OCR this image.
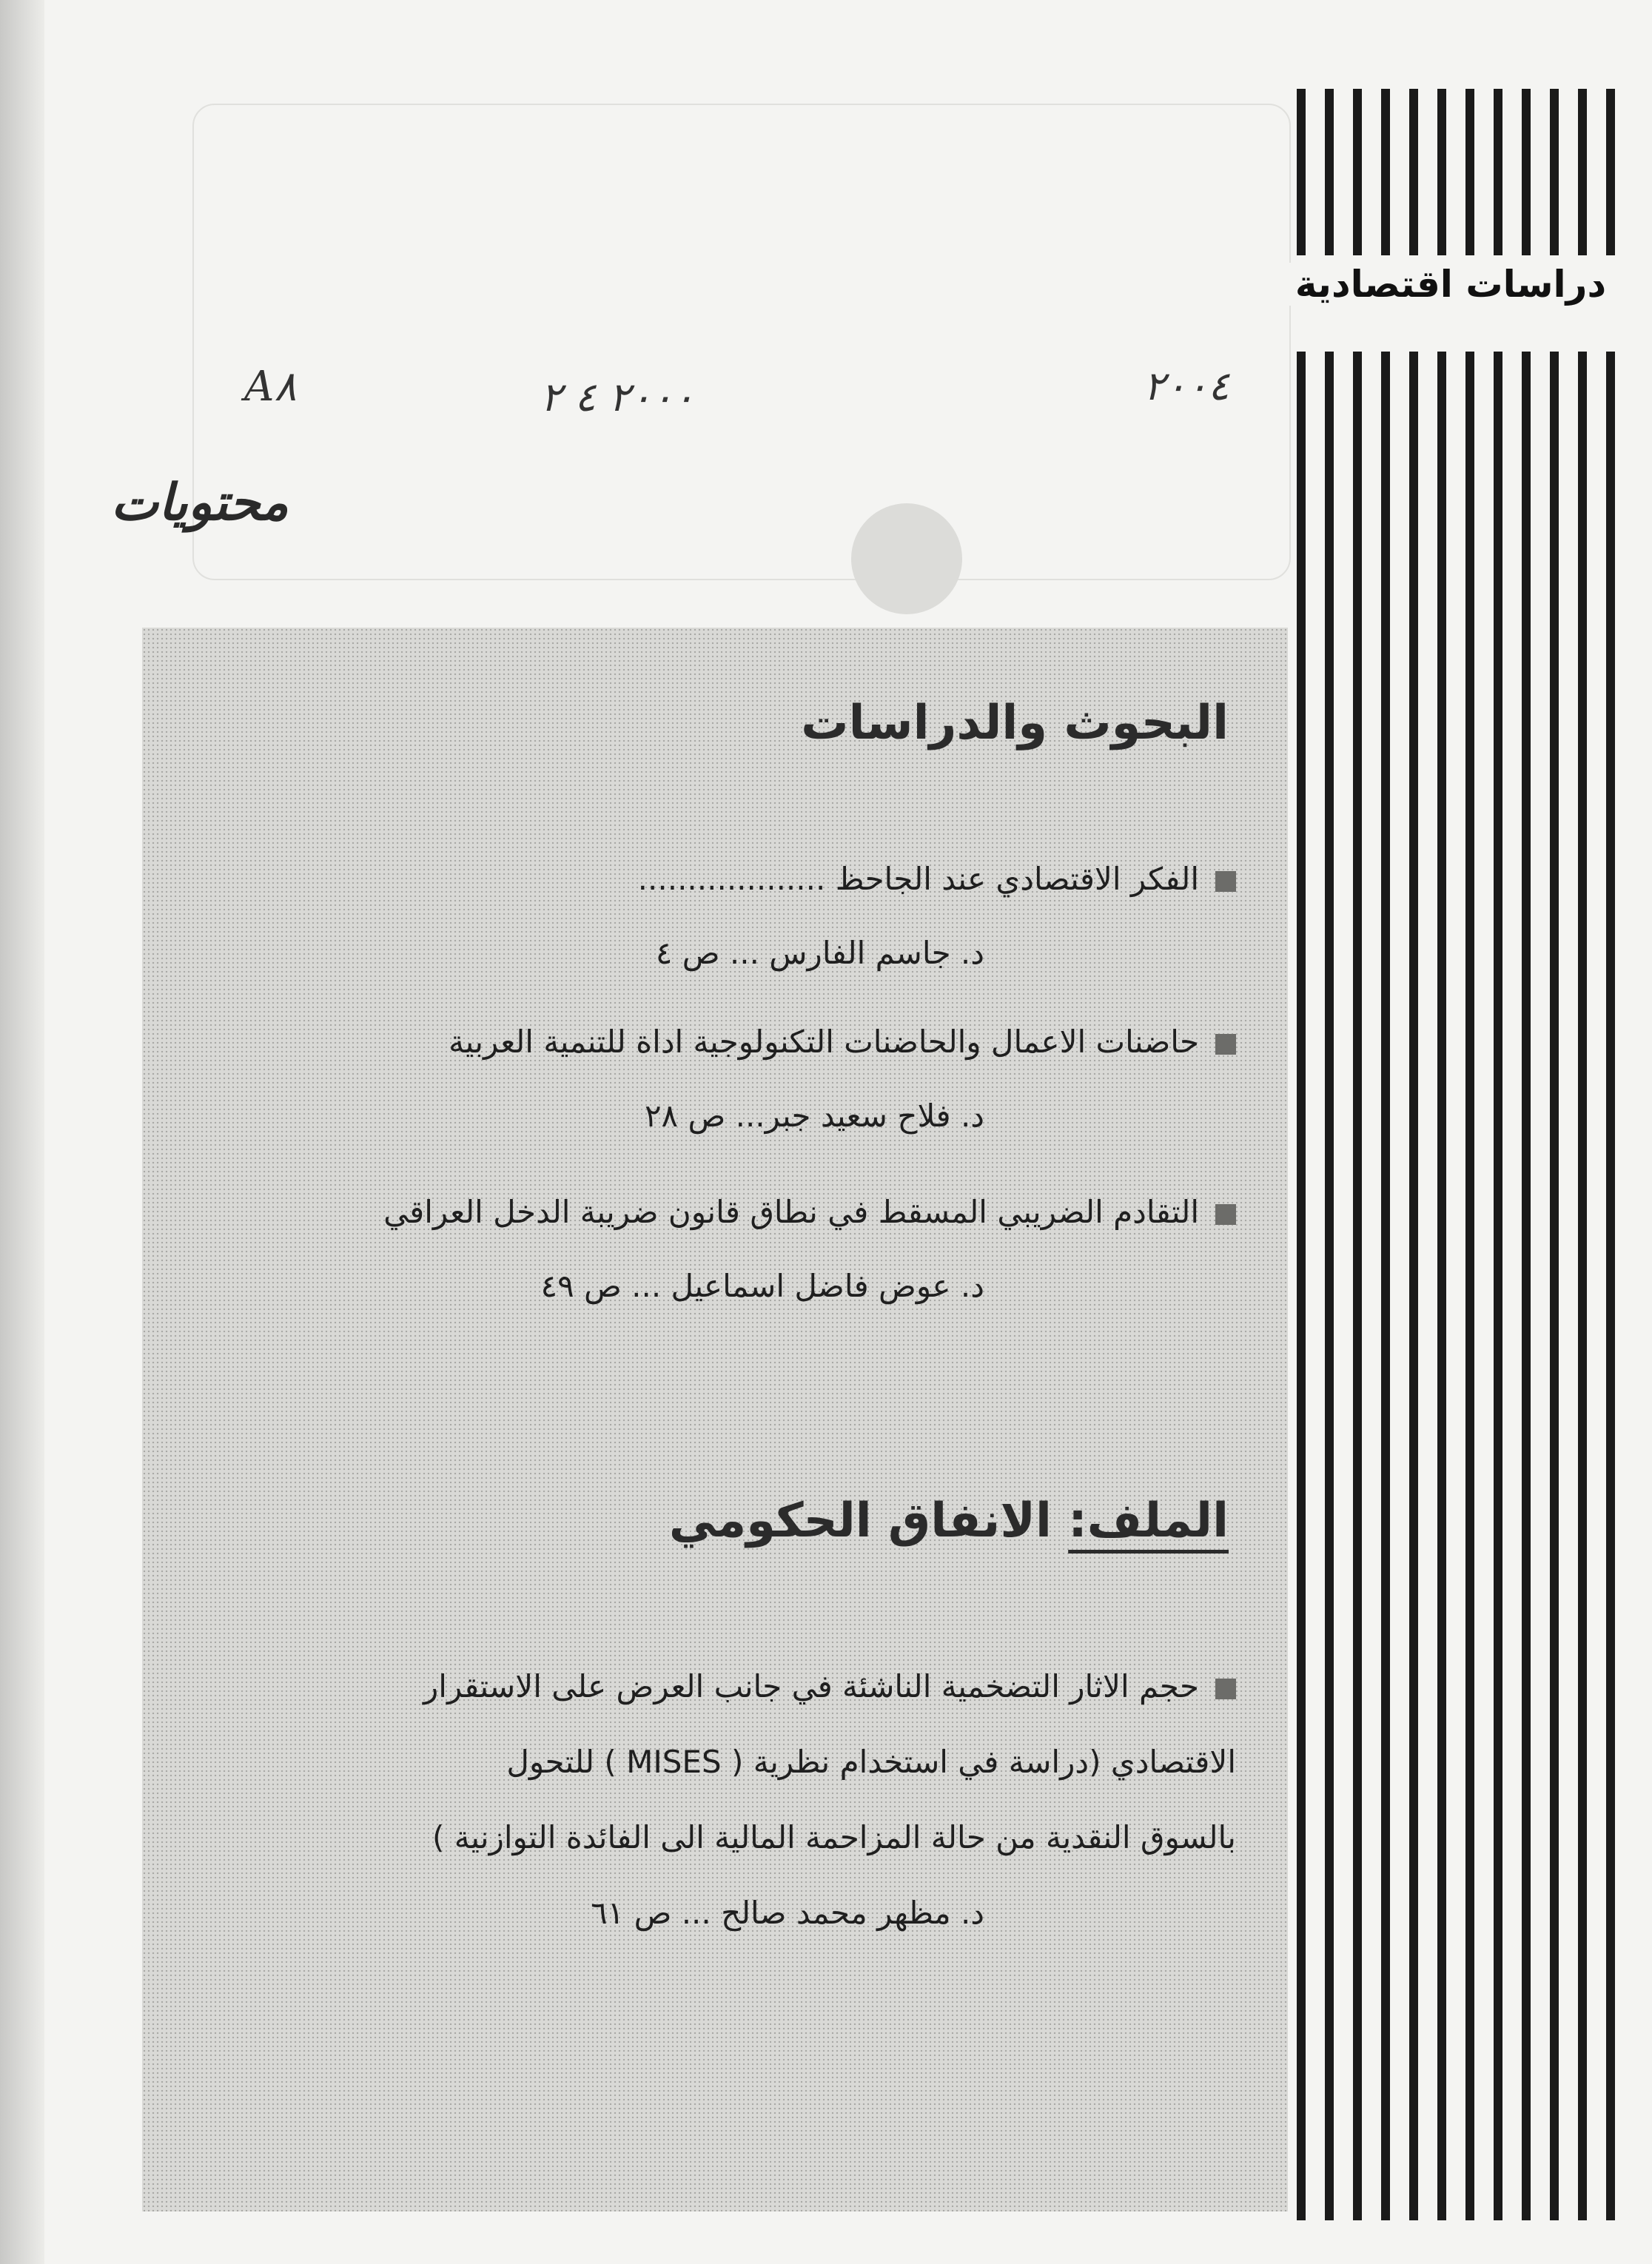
دراسات اقتصادية
A٨	٢٠٠٠ ٤ ٢	٢٠٠٤
محتويات
البحوث والدراسات
الفكر الاقتصادي عند الجاحظ ...................
د. جاسم الفارس ... ص ٤
حاضنات الاعمال والحاضنات التكنولوجية اداة للتنمية العربية
د. فلاح سعيد جبر... ص ٢٨
التقادم الضريبي المسقط في نطاق قانون ضريبة الدخل العراقي
د. عوض فاضل اسماعيل ... ص ٤٩
الملف: الانفاق الحكومي
حجم الاثار التضخمية الناشئة في جانب العرض على الاستقرار
الاقتصادي (دراسة في استخدام نظرية ( MISES ) للتحول
بالسوق النقدية من حالة المزاحمة المالية الى الفائدة التوازنية )
د. مظهر محمد صالح ... ص ٦١
